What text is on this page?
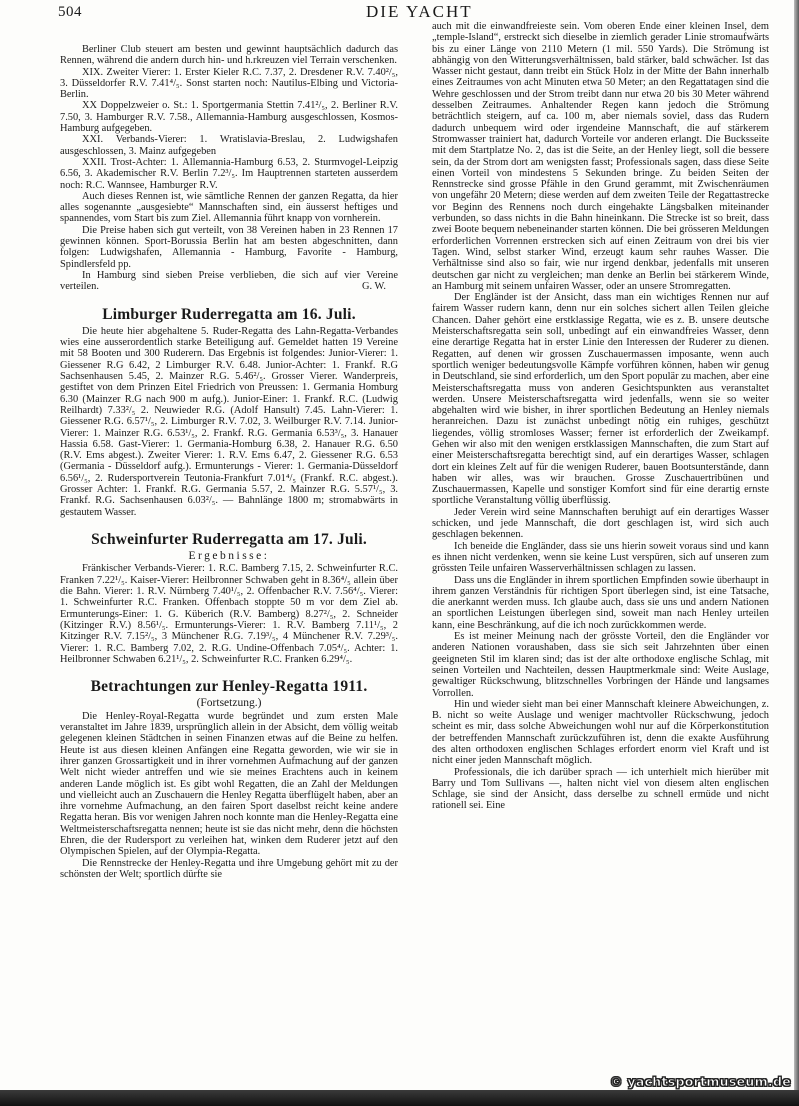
504	DIE YACHT

Berliner Club steuert am besten und gewinnt hauptsächlich dadurch das Rennen, während die andern durch hin- und h.rkreuzen viel Terrain verschenken.

XIX. Zweiter Vierer: 1. Erster Kieler R.C. 7.37, 2. Dresdener R.V. 7.40²/₅, 3. Düsseldorfer R.V. 7.41⁴/₅. Sonst starten noch: Nautilus-Elbing und Victoria-Berlin.

XX Doppelzweier o. St.: 1. Sportgermania Stettin 7.41²/₅, 2. Berliner R.V. 7.50, 3. Hamburger R.V. 7.58., Allemannia-Hamburg ausgeschlossen, Kosmos-Hamburg aufgegeben.

XXI. Verbands-Vierer: 1. Wratislavia-Breslau, 2. Ludwigshafen ausgeschlossen, 3. Mainz aufgegeben

XXII. Trost-Achter: 1. Allemannia-Hamburg 6.53, 2. Sturmvogel-Leipzig 6.56, 3. Akademischer R.V. Berlin 7.2³/₅. Im Hauptrennen starteten ausserdem noch: R.C. Wannsee, Hamburger R.V.

Auch dieses Rennen ist, wie sämtliche Rennen der ganzen Regatta, da hier alles sogenannte „ausgesiebte“ Mannschaften sind, ein äusserst heftiges und spannendes, vom Start bis zum Ziel. Allemannia führt knapp von vornherein.

Die Preise haben sich gut verteilt, von 38 Vereinen haben in 23 Rennen 17 gewinnen können. Sport-Borussia Berlin hat am besten abgeschnitten, dann folgen: Ludwigshafen, Allemannia - Hamburg, Favorite - Hamburg, Spindlersfeld pp.

In Hamburg sind sieben Preise verblieben, die sich auf vier Vereine verteilen.	G. W.

Limburger Ruderregatta am 16. Juli.

Die heute hier abgehaltene 5. Ruder-Regatta des Lahn-Regatta-Verbandes wies eine ausserordentlich starke Beteiligung auf. Gemeldet hatten 19 Vereine mit 58 Booten und 300 Ruderern. Das Ergebnis ist folgendes: Junior-Vierer: 1. Giessener R.G 6.42, 2 Limburger R.V. 6.48. Junior-Achter: 1. Frankf. R.G Sachsenhausen 5.45, 2. Mainzer R.G. 5.46²/₅. Grosser Vierer. Wanderpreis, gestiftet von dem Prinzen Eitel Friedrich von Preussen: 1. Germania Homburg 6.30 (Mainzer R.G nach 900 m aufg.). Junior-Einer: 1. Frankf. R.C. (Ludwig Reilhardt) 7.33²/₅ 2. Neuwieder R.G. (Adolf Hansult) 7.45. Lahn-Vierer: 1. Giessener R.G. 6.57¹/₅, 2. Limburger R.V. 7.02, 3. Weilburger R.V. 7.14. Junior-Vierer: 1. Mainzer R.G. 6.53¹/₅, 2. Frankf. R.G. Germania 6.53³/₅, 3. Hanauer Hassia 6.58. Gast-Vierer: 1. Germania-Homburg 6.38, 2. Hanauer R.G. 6.50 (R.V. Ems abgest.). Zweiter Vierer: 1. R.V. Ems 6.47, 2. Giessener R.G. 6.53 (Germania - Düsseldorf aufg.). Ermunterungs - Vierer: 1. Germania-Düsseldorf 6.56¹/₅, 2. Rudersportverein Teutonia-Frankfurt 7.01⁴/₅ (Frankf. R.C. abgest.). Grosser Achter: 1. Frankf. R.G. Germania 5.57, 2. Mainzer R.G. 5.57¹/₅, 3. Frankf. R.G. Sachsenhausen 6.03²/₅. — Bahnlänge 1800 m; stromabwärts in gestautem Wasser.

Schweinfurter Ruderregatta am 17. Juli.
Ergebnisse:

Fränkischer Verbands-Vierer: 1. R.C. Bamberg 7.15, 2. Schweinfurter R.C. Franken 7.22¹/₅. Kaiser-Vierer: Heilbronner Schwaben geht in 8.36⁴/₅ allein über die Bahn. Vierer: 1. R.V. Nürnberg 7.40¹/₅, 2. Offenbacher R.V. 7.56⁴/₅. Vierer: 1. Schweinfurter R.C. Franken. Offenbach stoppte 50 m vor dem Ziel ab. Ermunterungs-Einer: 1. G. Küberich (R.V. Bamberg) 8.27²/₅, 2. Schneider (Kitzinger R.V.) 8.56¹/₅. Ermunterungs-Vierer: 1. R.V. Bamberg 7.11¹/₅, 2 Kitzinger R.V. 7.15²/₅, 3 Münchener R.G. 7.19³/₅, 4 Münchener R.V. 7.29³/₅. Vierer: 1. R.C. Bamberg 7.02, 2. R.G. Undine-Offenbach 7.05⁴/₅. Achter: 1. Heilbronner Schwaben 6.21¹/₅, 2. Schweinfurter R.C. Franken 6.29⁴/₅.

Betrachtungen zur Henley-Regatta 1911.
(Fortsetzung.)

Die Henley-Royal-Regatta wurde begründet und zum ersten Male veranstaltet im Jahre 1839, ursprünglich allein in der Absicht, dem völlig weitab gelegenen kleinen Städtchen in seinen Finanzen etwas auf die Beine zu helfen. Heute ist aus diesen kleinen Anfängen eine Regatta geworden, wie wir sie in ihrer ganzen Grossartigkeit und in ihrer vornehmen Aufmachung auf der ganzen Welt nicht wieder antreffen und wie sie meines Erachtens auch in keinem anderen Lande möglich ist. Es gibt wohl Regatten, die an Zahl der Meldungen und vielleicht auch an Zuschauern die Henley Regatta überflügelt haben, aber an ihre vornehme Aufmachung, an den fairen Sport daselbst reicht keine andere Regatta heran. Bis vor wenigen Jahren noch konnte man die Henley-Regatta eine Weltmeisterschaftsregatta nennen; heute ist sie das nicht mehr, denn die höchsten Ehren, die der Rudersport zu verleihen hat, winken dem Ruderer jetzt auf den Olympischen Spielen, auf der Olympia-Regatta.

Die Rennstrecke der Henley-Regatta und ihre Umgebung gehört mit zu der schönsten der Welt; sportlich dürfte sie

auch mit die einwandfreieste sein. Vom oberen Ende einer kleinen Insel, dem „temple-Island“, erstreckt sich dieselbe in ziemlich gerader Linie stromaufwärts bis zu einer Länge von 2110 Metern (1 mil. 550 Yards). Die Strömung ist abhängig von den Witterungsverhältnissen, bald stärker, bald schwächer. Ist das Wasser nicht gestaut, dann treibt ein Stück Holz in der Mitte der Bahn innerhalb eines Zeitraumes von acht Minuten etwa 50 Meter; an den Regattatagen sind die Wehre geschlossen und der Strom treibt dann nur etwa 20 bis 30 Meter während desselben Zeitraumes. Anhaltender Regen kann jedoch die Strömung beträchtlich steigern, auf ca. 100 m, aber niemals soviel, dass das Rudern dadurch unbequem wird oder irgendeine Mannschaft, die auf stärkerem Stromwasser trainiert hat, dadurch Vorteile vor anderen erlangt. Die Bucksseite mit dem Startplatze No. 2, das ist die Seite, an der Henley liegt, soll die bessere sein, da der Strom dort am wenigsten fasst; Professionals sagen, dass diese Seite einen Vorteil von mindestens 5 Sekunden bringe. Zu beiden Seiten der Rennstrecke sind grosse Pfähle in den Grund gerammt, mit Zwischenräumen von ungefähr 20 Metern; diese werden auf dem zweiten Teile der Regattastrecke vor Beginn des Rennens noch durch eingehakte Längsbalken miteinander verbunden, so dass nichts in die Bahn hineinkann. Die Strecke ist so breit, dass zwei Boote bequem nebeneinander starten können. Die bei grösseren Meldungen erforderlichen Vorrennen erstrecken sich auf einen Zeitraum von drei bis vier Tagen. Wind, selbst starker Wind, erzeugt kaum sehr rauhes Wasser. Die Verhältnisse sind also so fair, wie nur irgend denkbar, jedenfalls mit unseren deutschen gar nicht zu vergleichen; man denke an Berlin bei stärkerem Winde, an Hamburg mit seinem unfairen Wasser, oder an unsere Stromregatten.

Der Engländer ist der Ansicht, dass man ein wichtiges Rennen nur auf fairem Wasser rudern kann, denn nur ein solches sichert allen Teilen gleiche Chancen. Daher gehört eine erstklassige Regatta, wie es z. B. unsere deutsche Meisterschaftsregatta sein soll, unbedingt auf ein einwandfreies Wasser, denn eine derartige Regatta hat in erster Linie den Interessen der Ruderer zu dienen. Regatten, auf denen wir grossen Zuschauermassen imposante, wenn auch sportlich weniger bedeutungsvolle Kämpfe vorführen können, haben wir genug in Deutschland, sie sind erforderlich, um den Sport populär zu machen, aber eine Meisterschaftsregatta muss von anderen Gesichtspunkten aus veranstaltet werden. Unsere Meisterschaftsregatta wird jedenfalls, wenn sie so weiter abgehalten wird wie bisher, in ihrer sportlichen Bedeutung an Henley niemals heranreichen. Dazu ist zunächst unbedingt nötig ein ruhiges, geschützt liegendes, völlig stromloses Wasser; ferner ist erforderlich der Zweikampf. Gehen wir also mit den wenigen erstklassigen Mannschaften, die zum Start auf einer Meisterschaftsregatta berechtigt sind, auf ein derartiges Wasser, schlagen dort ein kleines Zelt auf für die wenigen Ruderer, bauen Bootsunterstände, dann haben wir alles, was wir brauchen. Grosse Zuschauertribünen und Zuschauermassen, Kapelle und sonstiger Komfort sind für eine derartig ernste sportliche Veranstaltung völlig überflüssig.

Jeder Verein wird seine Mannschaften beruhigt auf ein derartiges Wasser schicken, und jede Mannschaft, die dort geschlagen ist, wird sich auch geschlagen bekennen.

Ich beneide die Engländer, dass sie uns hierin soweit voraus sind und kann es ihnen nicht verdenken, wenn sie keine Lust verspüren, sich auf unseren zum grössten Teile unfairen Wasserverhältnissen schlagen zu lassen.

Dass uns die Engländer in ihrem sportlichen Empfinden sowie überhaupt in ihrem ganzen Verständnis für richtigen Sport überlegen sind, ist eine Tatsache, die anerkannt werden muss. Ich glaube auch, dass sie uns und andern Nationen an sportlichen Leistungen überlegen sind, soweit man nach Henley urteilen kann, eine Beschränkung, auf die ich noch zurückkommen werde.

Es ist meiner Meinung nach der grösste Vorteil, den die Engländer vor anderen Nationen voraushaben, dass sie sich seit Jahrzehnten über einen geeigneten Stil im klaren sind; das ist der alte orthodoxe englische Schlag, mit seinen Vorteilen und Nachteilen, dessen Hauptmerkmale sind: Weite Auslage, gewaltiger Rückschwung, blitzschnelles Vorbringen der Hände und langsames Vorrollen.

Hin und wieder sieht man bei einer Mannschaft kleinere Abweichungen, z. B. nicht so weite Auslage und weniger machtvoller Rückschwung, jedoch scheint es mir, dass solche Abweichungen wohl nur auf die Körperkonstitution der betreffenden Mannschaft zurückzuführen ist, denn die exakte Ausführung des alten orthodoxen englischen Schlages erfordert enorm viel Kraft und ist nicht einer jeden Mannschaft möglich.

Professionals, die ich darüber sprach — ich unterhielt mich hierüber mit Barry und Tom Sullivans —, halten nicht viel von diesem alten englischen Schlage, sie sind der Ansicht, dass derselbe zu schnell ermüde und nicht rationell sei. Eine

© yachtsportmuseum.de
